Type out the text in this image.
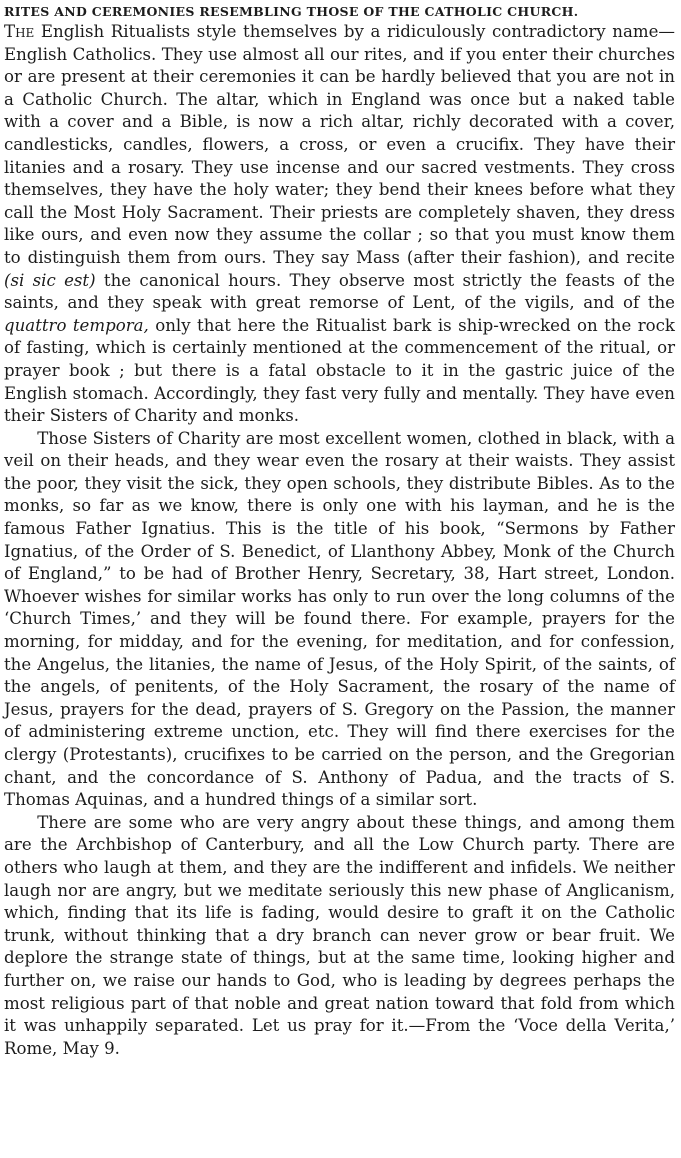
RITES AND CEREMONIES RESEMBLING THOSE OF THE CATHOLIC CHURCH.

The English Ritualists style themselves by a ridiculously contradictory name—English Catholics. They use almost all our rites, and if you enter their churches or are present at their ceremonies it can be hardly believed that you are not in a Catholic Church. The altar, which in England was once but a naked table with a cover and a Bible, is now a rich altar, richly decorated with a cover, candlesticks, candles, flowers, a cross, or even a crucifix. They have their litanies and a rosary. They use incense and our sacred vestments. They cross themselves, they have the holy water; they bend their knees before what they call the Most Holy Sacrament. Their priests are completely shaven, they dress like ours, and even now they assume the collar ; so that you must know them to distinguish them from ours. They say Mass (after their fashion), and recite (si sic est) the canonical hours. They observe most strictly the feasts of the saints, and they speak with great remorse of Lent, of the vigils, and of the quattro tempora, only that here the Ritualist bark is ship-wrecked on the rock of fasting, which is certainly mentioned at the commencement of the ritual, or prayer book ; but there is a fatal obstacle to it in the gastric juice of the English stomach. Accordingly, they fast very fully and mentally. They have even their Sisters of Charity and monks.

Those Sisters of Charity are most excellent women, clothed in black, with a veil on their heads, and they wear even the rosary at their waists. They assist the poor, they visit the sick, they open schools, they distribute Bibles. As to the monks, so far as we know, there is only one with his layman, and he is the famous Father Ignatius. This is the title of his book, “Sermons by Father Ignatius, of the Order of S. Benedict, of Llanthony Abbey, Monk of the Church of England,” to be had of Brother Henry, Secretary, 38, Hart street, London. Whoever wishes for similar works has only to run over the long columns of the ‘Church Times,’ and they will be found there. For example, prayers for the morning, for midday, and for the evening, for meditation, and for confession, the Angelus, the litanies, the name of Jesus, of the Holy Spirit, of the saints, of the angels, of penitents, of the Holy Sacrament, the rosary of the name of Jesus, prayers for the dead, prayers of S. Gregory on the Passion, the manner of administering extreme unction, etc. They will find there exercises for the clergy (Protestants), crucifixes to be carried on the person, and the Gregorian chant, and the concordance of S. Anthony of Padua, and the tracts of S. Thomas Aquinas, and a hundred things of a similar sort.

There are some who are very angry about these things, and among them are the Archbishop of Canterbury, and all the Low Church party. There are others who laugh at them, and they are the indifferent and infidels. We neither laugh nor are angry, but we meditate seriously this new phase of Anglicanism, which, finding that its life is fading, would desire to graft it on the Catholic trunk, without thinking that a dry branch can never grow or bear fruit. We deplore the strange state of things, but at the same time, looking higher and further on, we raise our hands to God, who is leading by degrees perhaps the most religious part of that noble and great nation toward that fold from which it was unhappily separated. Let us pray for it.—From the ‘Voce della Verita,’ Rome, May 9.
